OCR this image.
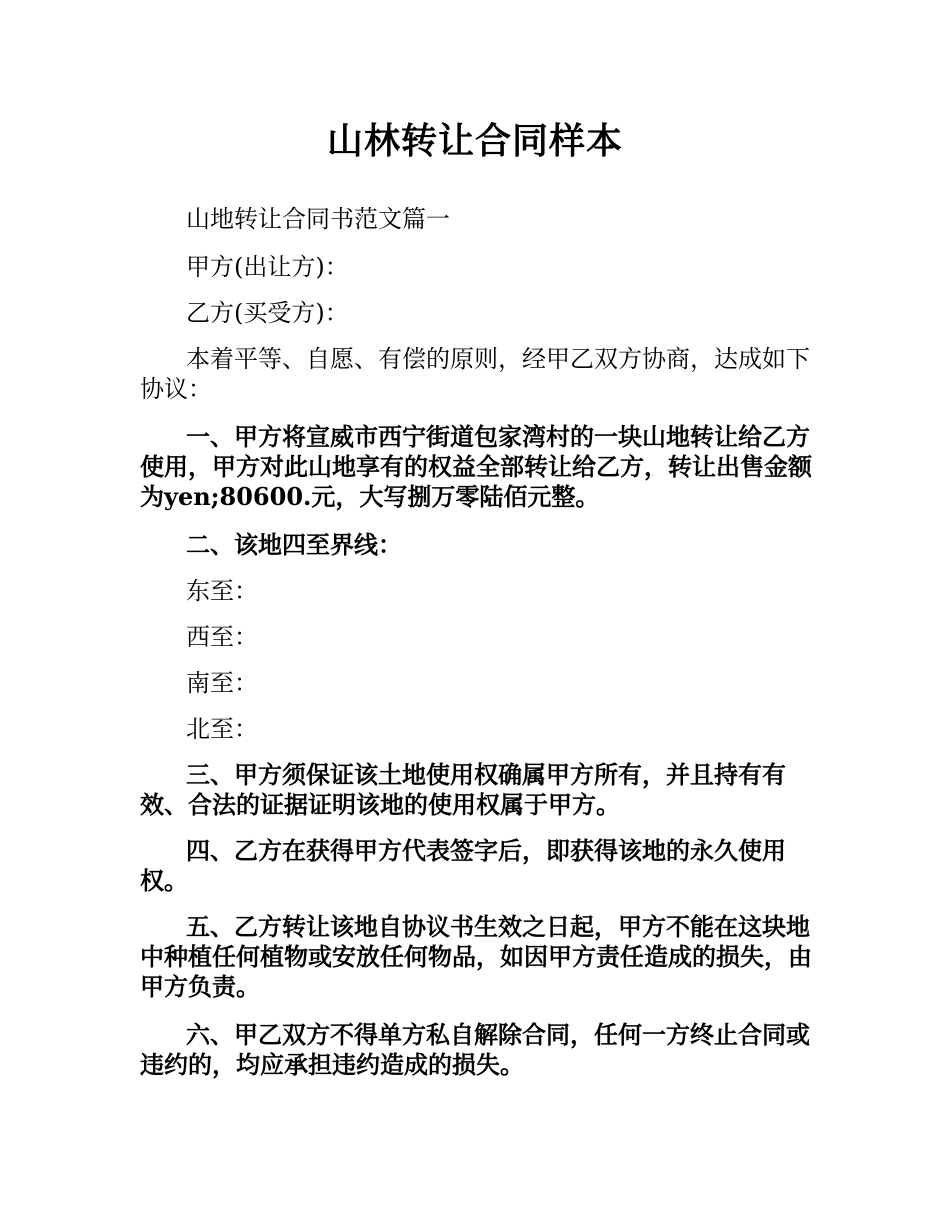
山林转让合同样本

山地转让合同书范文篇一

甲方(出让方)：

乙方(买受方)：

本着平等、自愿、有偿的原则，经甲乙双方协商，达成如下协议：

一、甲方将宣威市西宁街道包家湾村的一块山地转让给乙方使用，甲方对此山地享有的权益全部转让给乙方，转让出售金额为yen;80600.元，大写捌万零陆佰元整。

二、该地四至界线：

东至：

西至：

南至：

北至：

三、甲方须保证该土地使用权确属甲方所有，并且持有有效、合法的证据证明该地的使用权属于甲方。

四、乙方在获得甲方代表签字后，即获得该地的永久使用权。

五、乙方转让该地自协议书生效之日起，甲方不能在这块地中种植任何植物或安放任何物品，如因甲方责任造成的损失，由甲方负责。

六、甲乙双方不得单方私自解除合同，任何一方终止合同或违约的，均应承担违约造成的损失。
